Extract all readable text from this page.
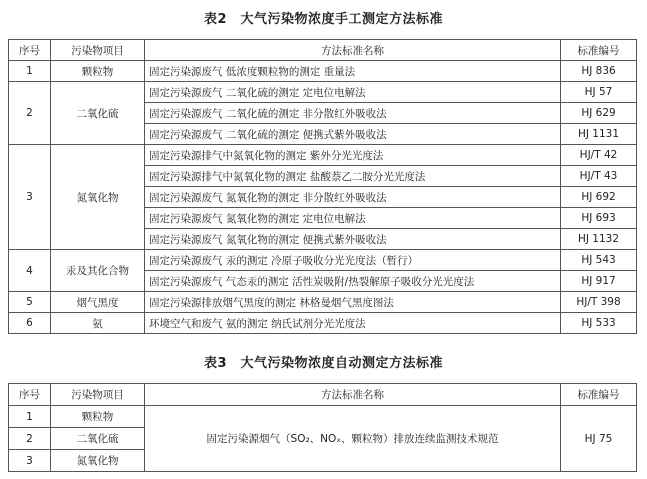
表2　大气污染物浓度手工测定方法标准
序号	污染物项目	方法标准名称	标准编号
1	颗粒物	固定污染源废气 低浓度颗粒物的测定 重量法	HJ 836
2	二氧化硫	固定污染源废气 二氧化硫的测定 定电位电解法	HJ 57
		固定污染源废气 二氧化硫的测定 非分散红外吸收法	HJ 629
		固定污染源废气 二氧化硫的测定 便携式紫外吸收法	HJ 1131
3	氮氧化物	固定污染源排气中氮氧化物的测定 紫外分光光度法	HJ/T 42
		固定污染源排气中氮氧化物的测定 盐酸萘乙二胺分光光度法	HJ/T 43
		固定污染源废气 氮氧化物的测定 非分散红外吸收法	HJ 692
		固定污染源废气 氮氧化物的测定 定电位电解法	HJ 693
		固定污染源废气 氮氧化物的测定 便携式紫外吸收法	HJ 1132
4	汞及其化合物	固定污染源废气 汞的测定 冷原子吸收分光光度法（暂行）	HJ 543
		固定污染源废气 气态汞的测定 活性炭吸附/热裂解原子吸收分光光度法	HJ 917
5	烟气黑度	固定污染源排放烟气黑度的测定 林格曼烟气黑度图法	HJ/T 398
6	氨	环境空气和废气 氨的测定 纳氏试剂分光光度法	HJ 533
表3　大气污染物浓度自动测定方法标准
序号	污染物项目	方法标准名称	标准编号
1	颗粒物	固定污染源烟气（SO₂、NOₓ、颗粒物）排放连续监测技术规范	HJ 75
2	二氧化硫		
3	氮氧化物		
